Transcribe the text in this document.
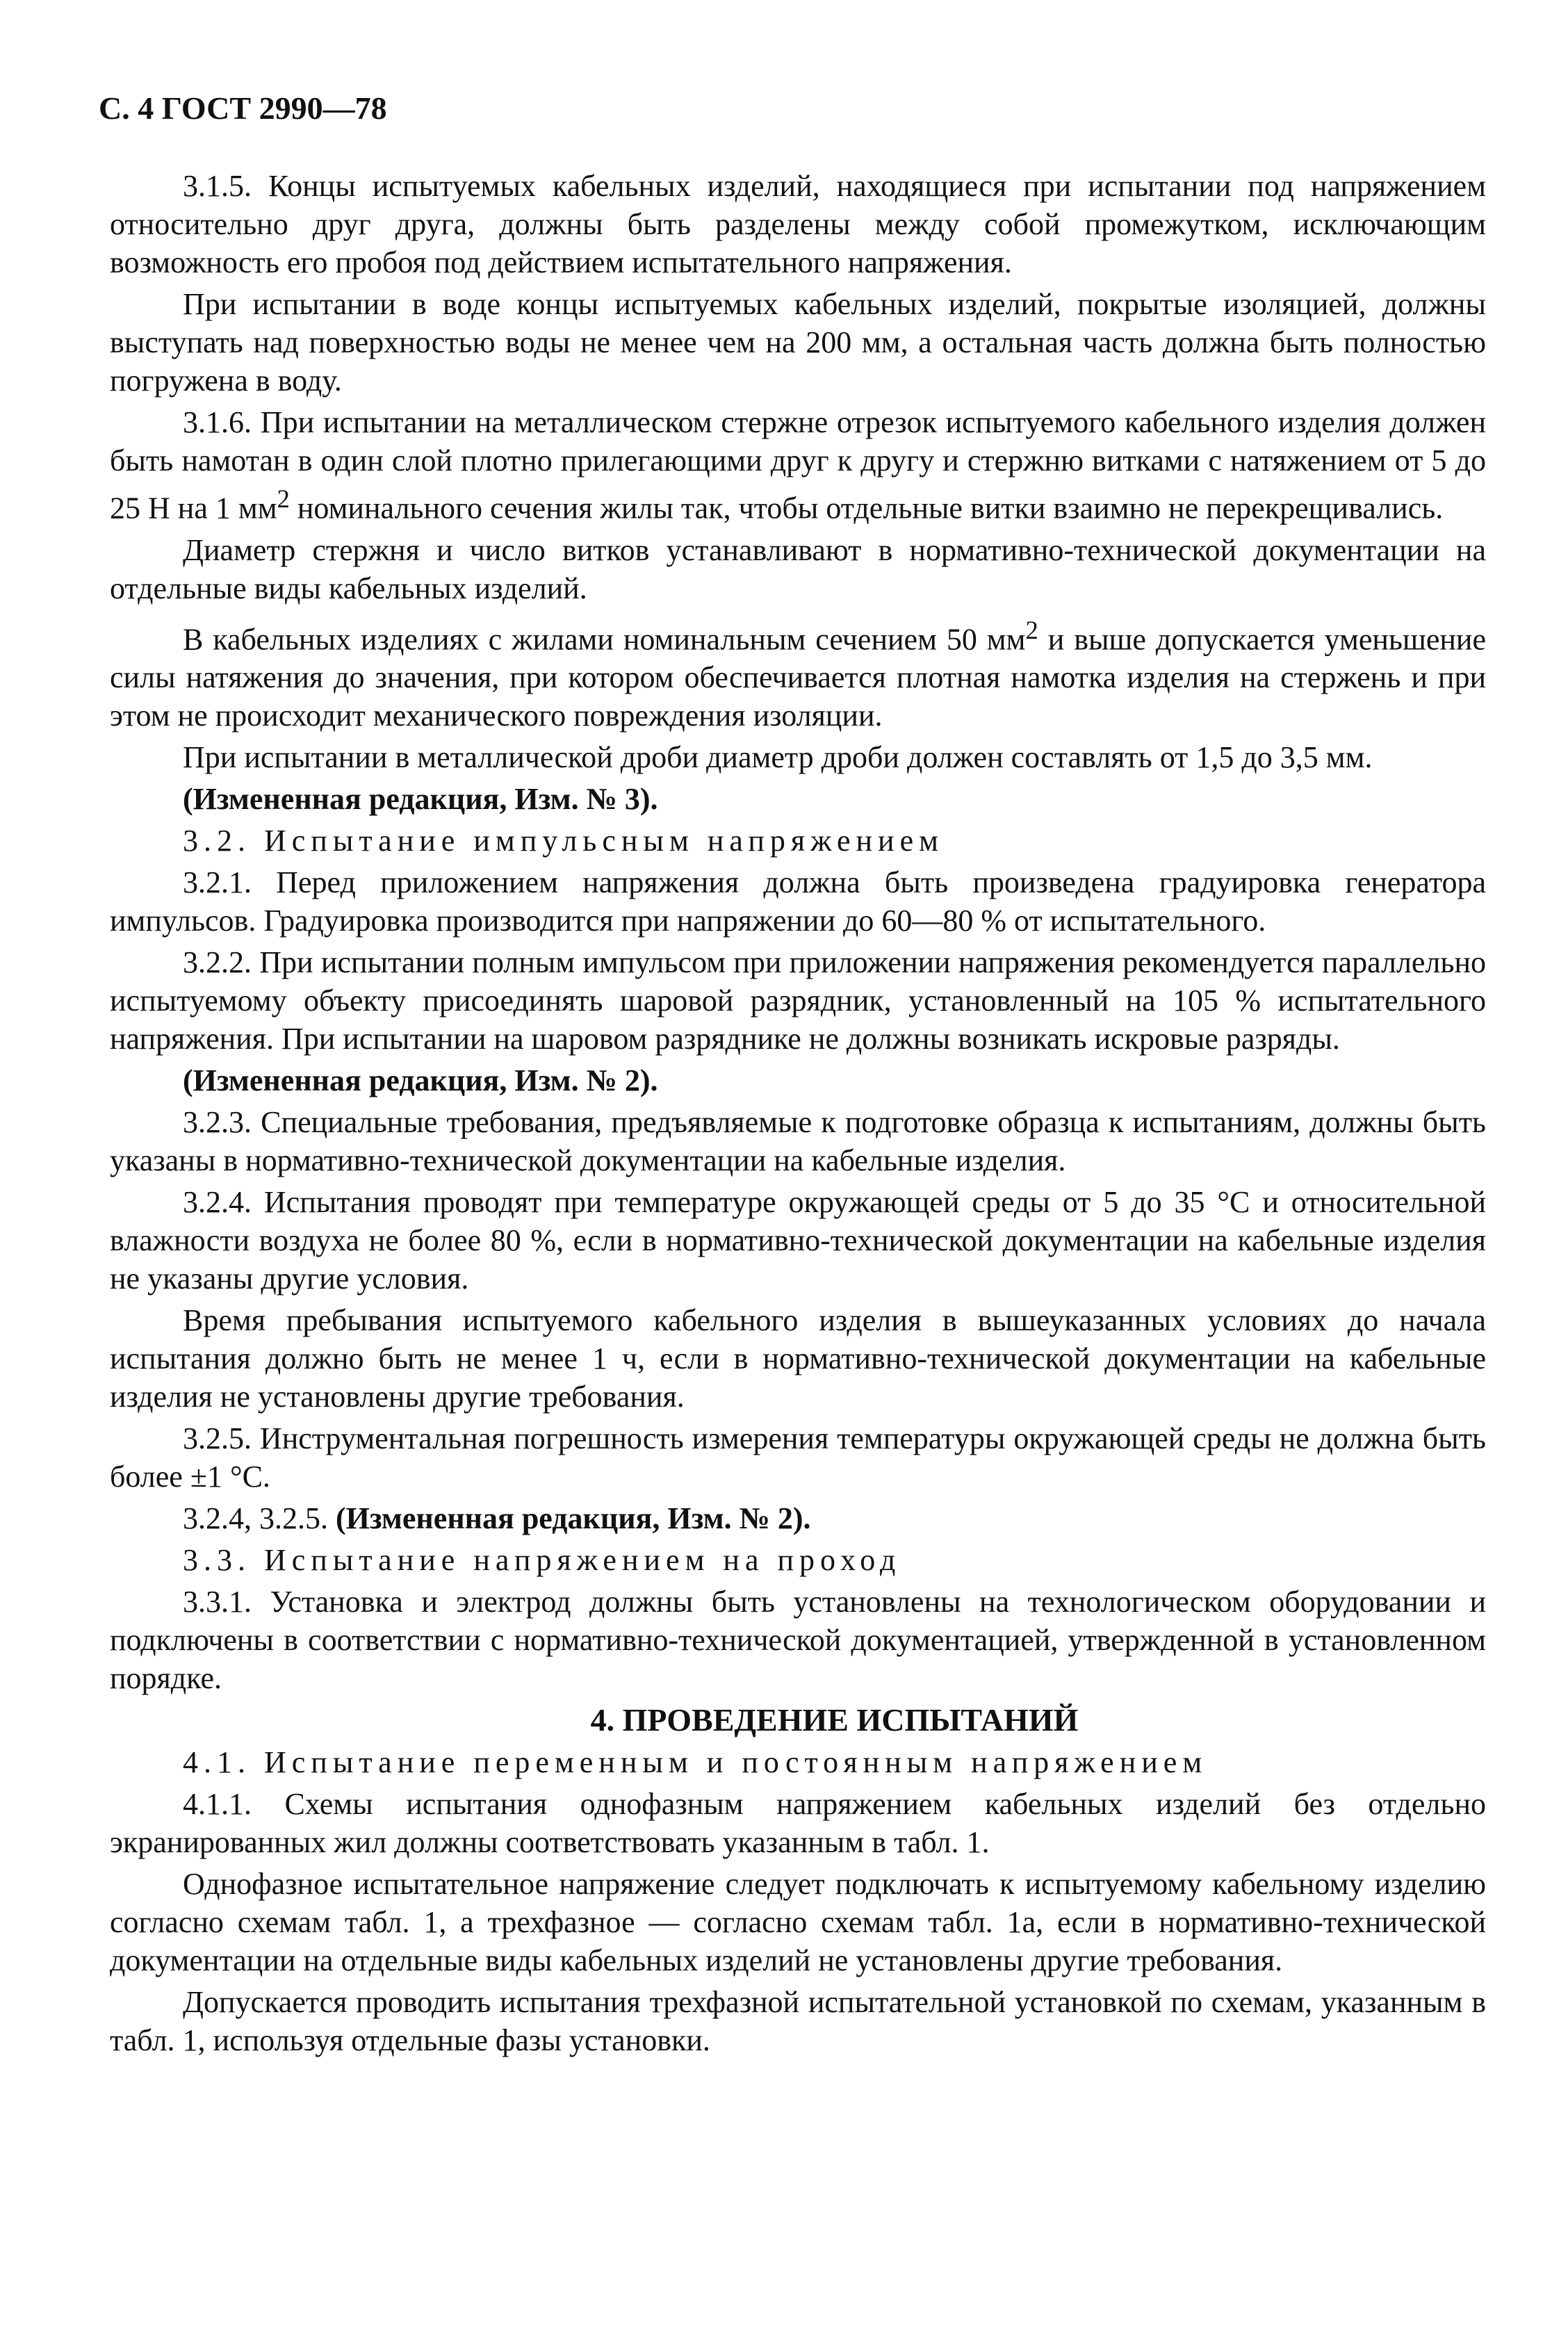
С. 4 ГОСТ 2990—78

3.1.5. Концы испытуемых кабельных изделий, находящиеся при испытании под напряжением относительно друг друга, должны быть разделены между собой промежутком, исключающим возможность его пробоя под действием испытательного напряжения.

При испытании в воде концы испытуемых кабельных изделий, покрытые изоляцией, должны выступать над поверхностью воды не менее чем на 200 мм, а остальная часть должна быть полностью погружена в воду.

3.1.6. При испытании на металлическом стержне отрезок испытуемого кабельного изделия должен быть намотан в один слой плотно прилегающими друг к другу и стержню витками с натяжением от 5 до 25 Н на 1 $мм^2$ номинального сечения жилы так, чтобы отдельные витки взаимно не перекрещивались.

Диаметр стержня и число витков устанавливают в нормативно-технической документации на отдельные виды кабельных изделий.

В кабельных изделиях с жилами номинальным сечением 50 $мм^2$ и выше допускается уменьшение силы натяжения до значения, при котором обеспечивается плотная намотка изделия на стержень и при этом не происходит механического повреждения изоляции.

При испытании в металлической дроби диаметр дроби должен составлять от 1,5 до 3,5 мм.

(Измененная редакция, Изм. № 3).

3.2. Испытание импульсным напряжением

3.2.1. Перед приложением напряжения должна быть произведена градуировка генератора импульсов. Градуировка производится при напряжении до 60—80 % от испытательного.

3.2.2. При испытании полным импульсом при приложении напряжения рекомендуется параллельно испытуемому объекту присоединять шаровой разрядник, установленный на 105 % испытательного напряжения. При испытании на шаровом разряднике не должны возникать искровые разряды.

(Измененная редакция, Изм. № 2).

3.2.3. Специальные требования, предъявляемые к подготовке образца к испытаниям, должны быть указаны в нормативно-технической документации на кабельные изделия.

3.2.4. Испытания проводят при температуре окружающей среды от 5 до 35 °С и относительной влажности воздуха не более 80 %, если в нормативно-технической документации на кабельные изделия не указаны другие условия.

Время пребывания испытуемого кабельного изделия в вышеуказанных условиях до начала испытания должно быть не менее 1 ч, если в нормативно-технической документации на кабельные изделия не установлены другие требования.

3.2.5. Инструментальная погрешность измерения температуры окружающей среды не должна быть более ±1 °С.

3.2.4, 3.2.5. (Измененная редакция, Изм. № 2).

3.3. Испытание напряжением на проход

3.3.1. Установка и электрод должны быть установлены на технологическом оборудовании и подключены в соответствии с нормативно-технической документацией, утвержденной в установленном порядке.

4. ПРОВЕДЕНИЕ ИСПЫТАНИЙ

4.1. Испытание переменным и постоянным напряжением

4.1.1. Схемы испытания однофазным напряжением кабельных изделий без отдельно экранированных жил должны соответствовать указанным в табл. 1.

Однофазное испытательное напряжение следует подключать к испытуемому кабельному изделию согласно схемам табл. 1, а трехфазное — согласно схемам табл. 1а, если в нормативно-технической документации на отдельные виды кабельных изделий не установлены другие требования.

Допускается проводить испытания трехфазной испытательной установкой по схемам, указанным в табл. 1, используя отдельные фазы установки.
